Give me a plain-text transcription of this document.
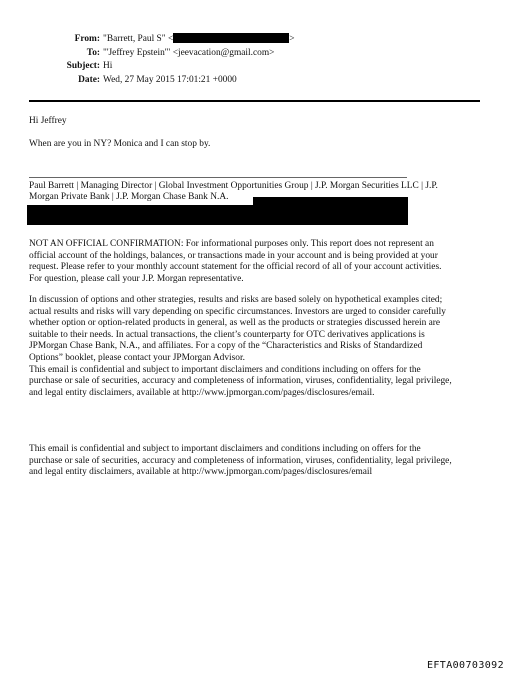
From: "Barrett, Paul S" <	>
To: "'Jeffrey Epstein'" <jeevacation@gmail.com>
Subject: Hi
Date: Wed, 27 May 2015 17:01:21 +0000
Hi Jeffrey
When are you in NY? Monica and I can stop by.
Paul Barrett | Managing Director | Global Investment Opportunities Group | J.P. Morgan Securities LLC | J.P.
Morgan Private Bank | J.P. Morgan Chase Bank N.A.
NOT AN OFFICIAL CONFIRMATION: For informational purposes only. This report does not represent an
official account of the holdings, balances, or transactions made in your account and is being provided at your
request. Please refer to your monthly account statement for the official record of all of your account activities.
For question, please call your J.P. Morgan representative.
In discussion of options and other strategies, results and risks are based solely on hypothetical examples cited;
actual results and risks will vary depending on specific circumstances. Investors are urged to consider carefully
whether option or option-related products in general, as well as the products or strategies discussed herein are
suitable to their needs. In actual transactions, the client’s counterparty for OTC derivatives applications is
JPMorgan Chase Bank, N.A., and affiliates. For a copy of the “Characteristics and Risks of Standardized
Options” booklet, please contact your JPMorgan Advisor.
This email is confidential and subject to important disclaimers and conditions including on offers for the
purchase or sale of securities, accuracy and completeness of information, viruses, confidentiality, legal privilege,
and legal entity disclaimers, available at http://www.jpmorgan.com/pages/disclosures/email.
This email is confidential and subject to important disclaimers and conditions including on offers for the
purchase or sale of securities, accuracy and completeness of information, viruses, confidentiality, legal privilege,
and legal entity disclaimers, available at http://www.jpmorgan.com/pages/disclosures/email
EFTA00703092
